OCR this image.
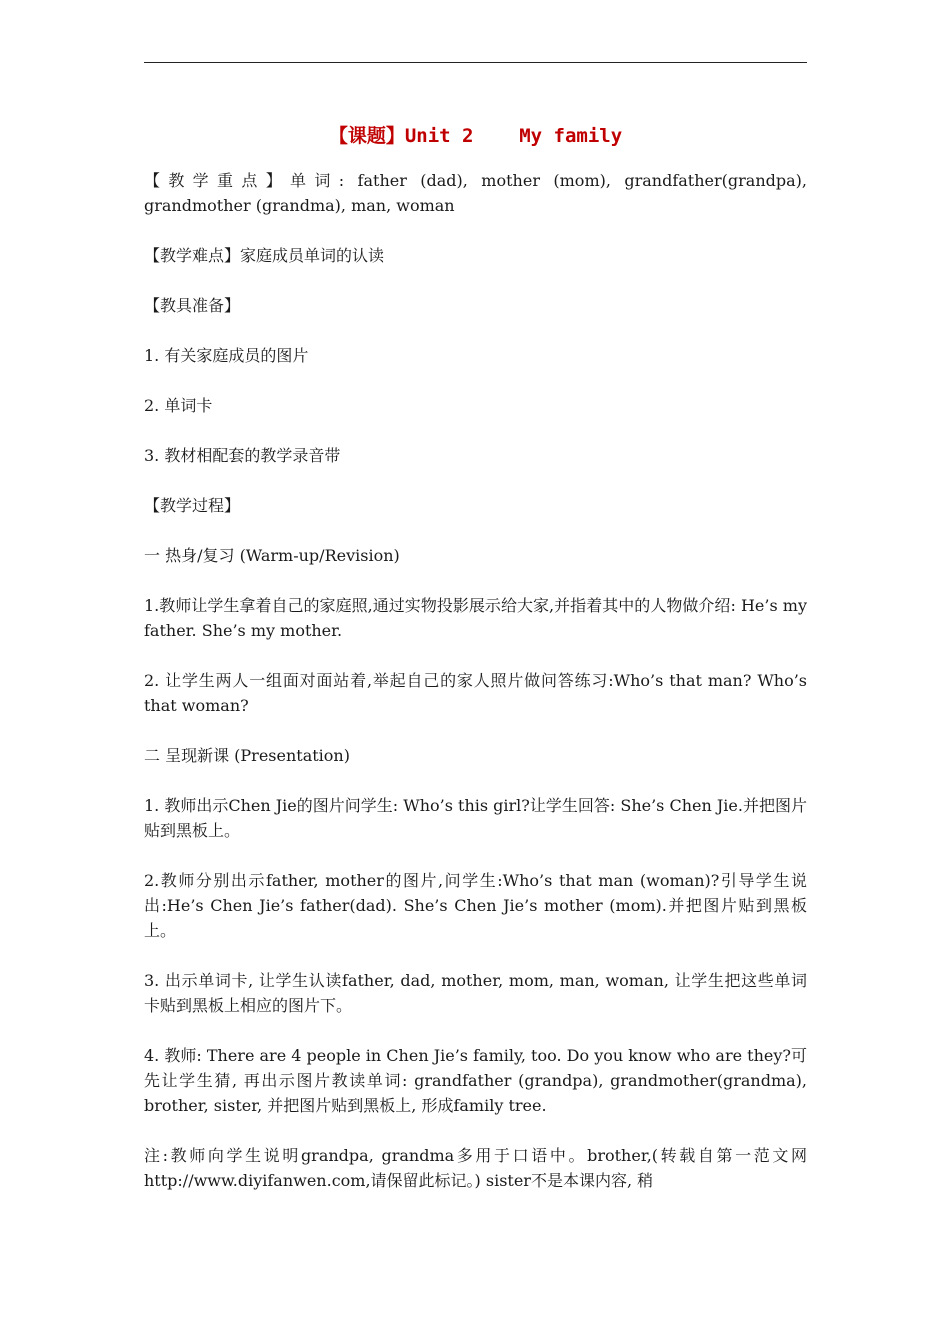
【课题】Unit 2    My family

【教学重点】单词: father (dad), mother (mom), grandfather(grandpa), grandmother (grandma), man, woman

【教学难点】家庭成员单词的认读

【教具准备】

1. 有关家庭成员的图片

2. 单词卡

3. 教材相配套的教学录音带

【教学过程】

一 热身/复习 (Warm-up/Revision)

1.教师让学生拿着自己的家庭照,通过实物投影展示给大家,并指着其中的人物做介绍: He’s my father. She’s my mother.

2. 让学生两人一组面对面站着,举起自己的家人照片做问答练习:Who’s that man? Who’s that woman?

二 呈现新课 (Presentation)

1. 教师出示Chen Jie的图片问学生: Who’s this girl?让学生回答: She’s Chen Jie.并把图片贴到黑板上。

2.教师分别出示father, mother的图片,问学生:Who’s that man (woman)?引导学生说出:He’s Chen Jie’s father(dad). She’s Chen Jie’s mother (mom).并把图片贴到黑板上。

3. 出示单词卡, 让学生认读father, dad, mother, mom, man, woman, 让学生把这些单词卡贴到黑板上相应的图片下。

4. 教师: There are 4 people in Chen Jie’s family, too. Do you know who are they?可先让学生猜, 再出示图片教读单词: grandfather (grandpa), grandmother(grandma), brother, sister, 并把图片贴到黑板上, 形成family tree.

注:教师向学生说明grandpa, grandma多用于口语中。brother,(转载自第一范文网http://www.diyifanwen.com,请保留此标记。) sister不是本课内容, 稍
